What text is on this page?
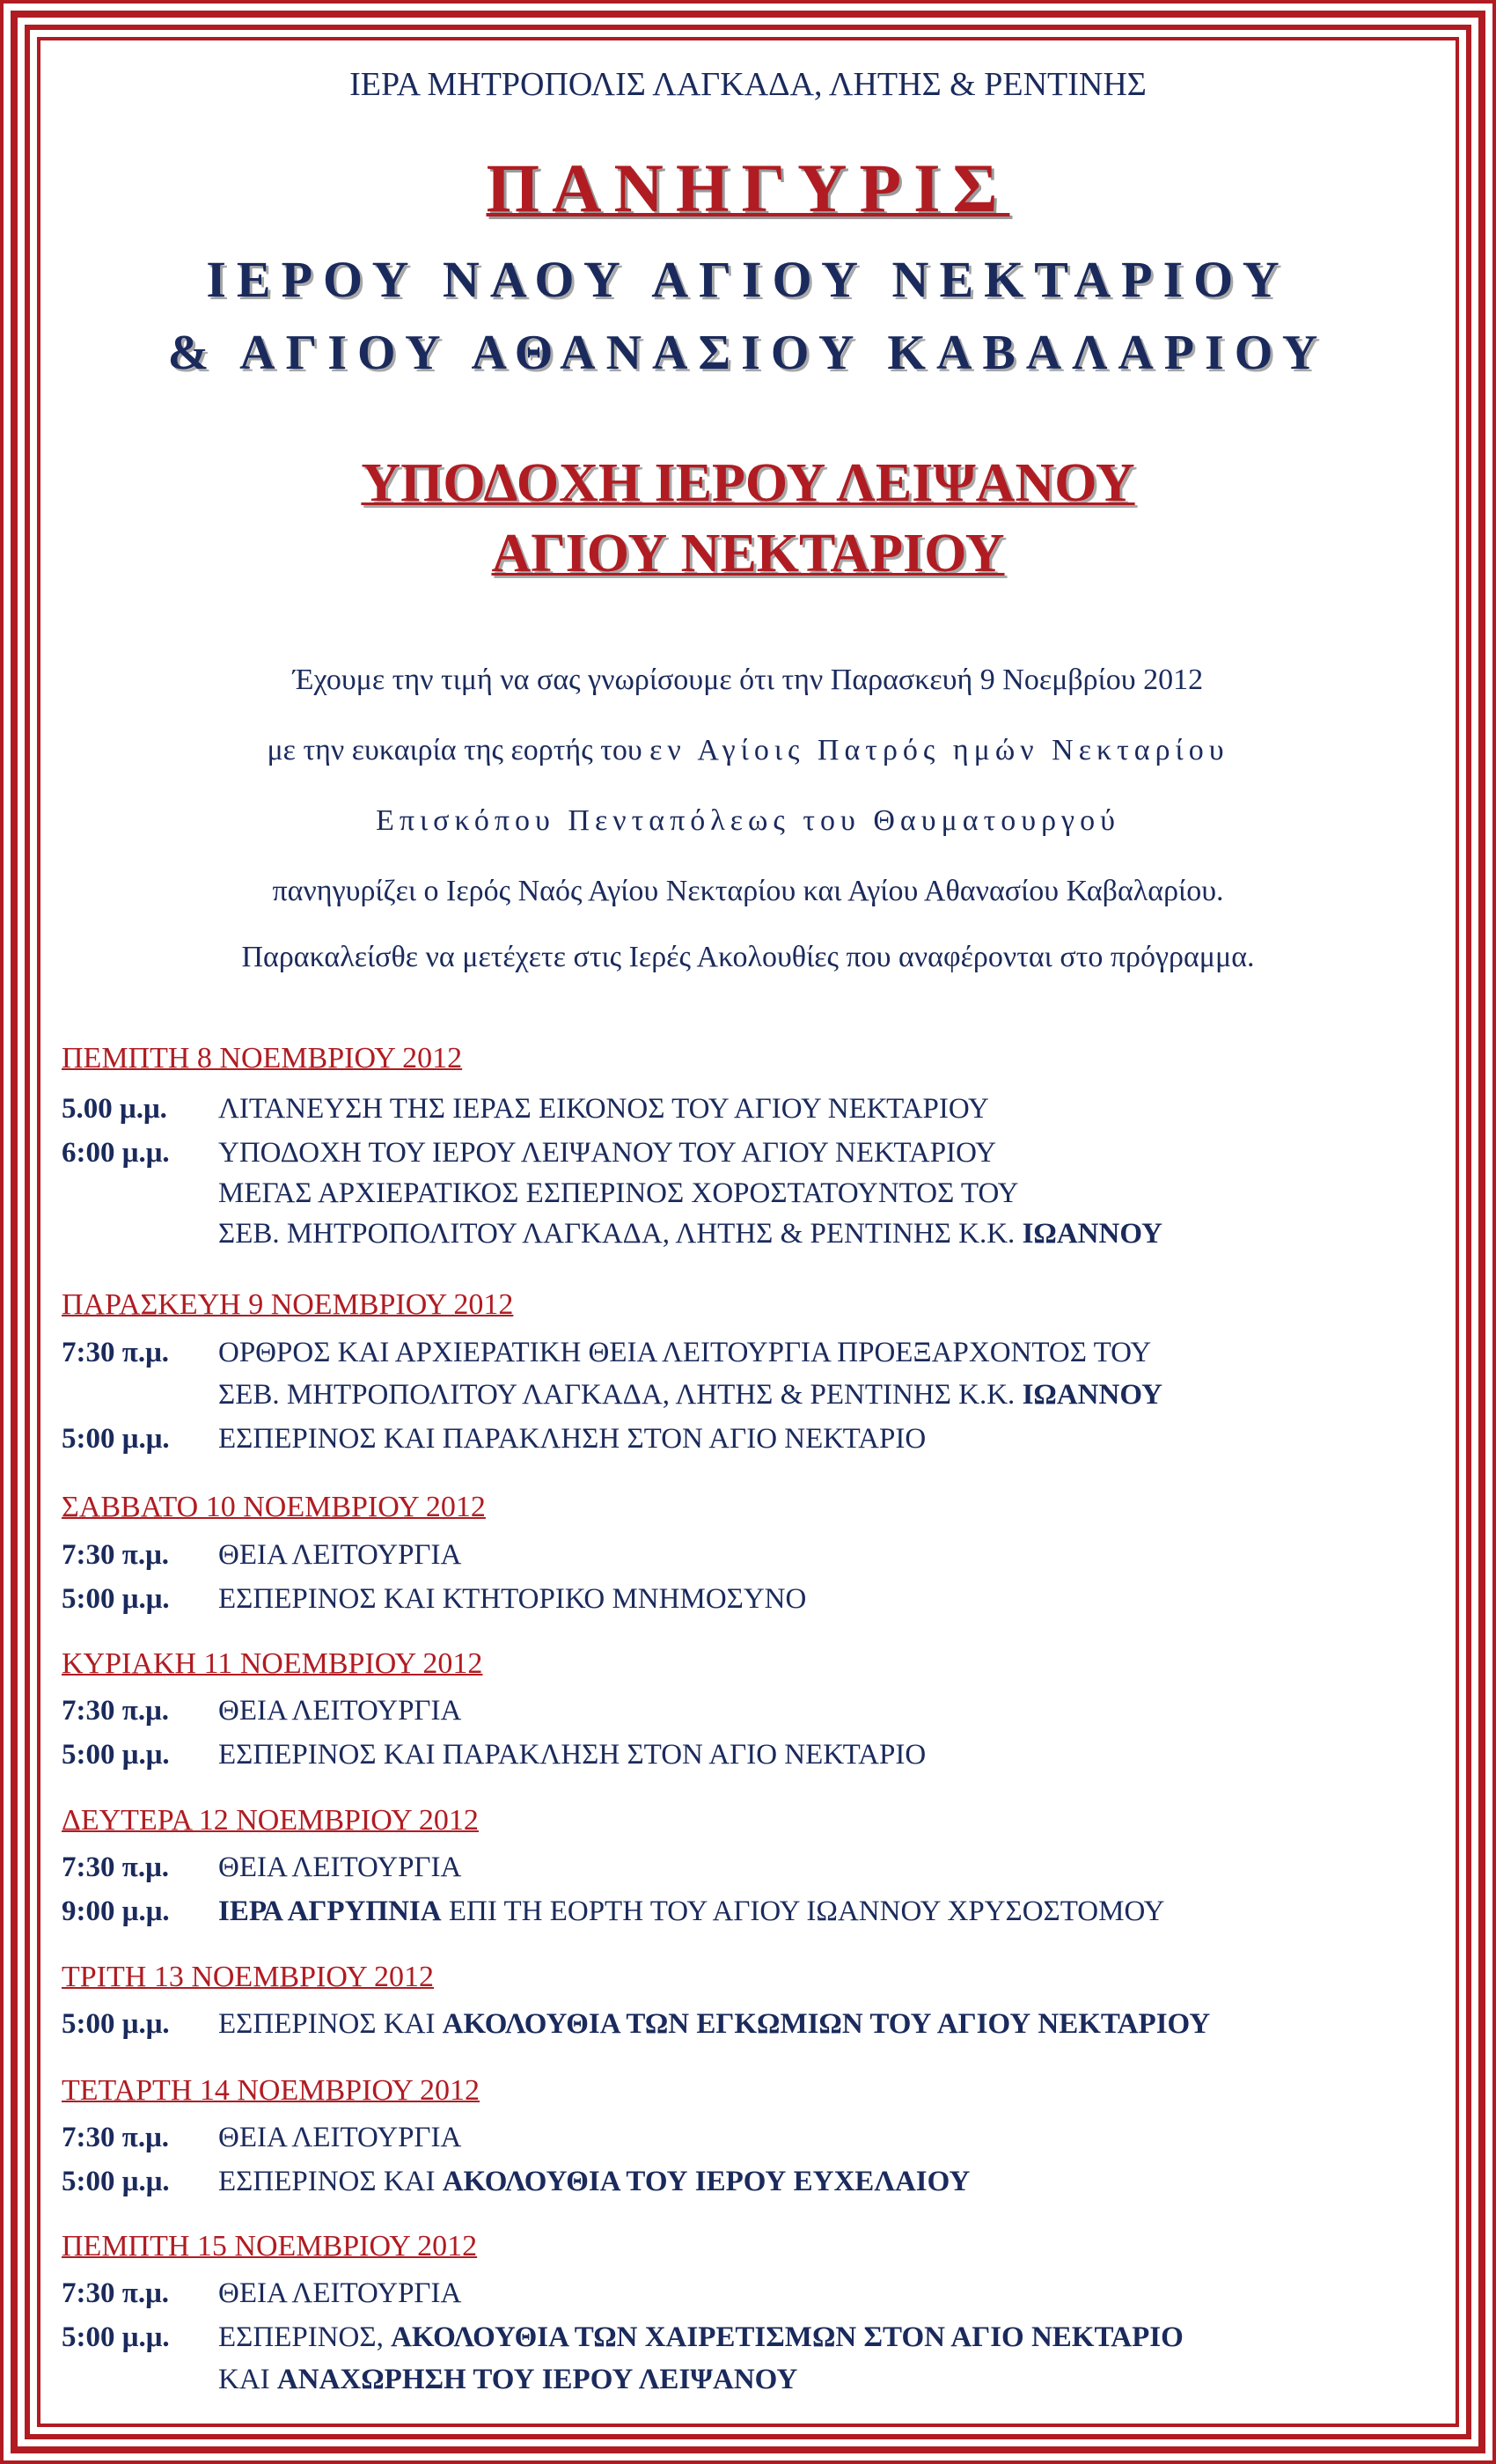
ΙΕΡΑ ΜΗΤΡΟΠΟΛΙΣ ΛΑΓΚΑΔΑ, ΛΗΤΗΣ & ΡΕΝΤΙΝΗΣ
ΠΑΝΗΓΥΡΙΣ
ΙΕΡΟΥ ΝΑΟΥ ΑΓΙΟΥ ΝΕΚΤΑΡΙΟΥ
& ΑΓΙΟΥ ΑΘΑΝΑΣΙΟΥ ΚΑΒΑΛΑΡΙΟΥ
ΥΠΟΔΟΧΗ ΙΕΡΟΥ ΛΕΙΨΑΝΟΥ
ΑΓΙΟΥ ΝΕΚΤΑΡΙΟΥ
Έχουμε την τιμή να σας γνωρίσουμε ότι την Παρασκευή 9 Νοεμβρίου 2012
με την ευκαιρία της εορτής του εν Αγίοις Πατρός ημών Νεκταρίου
Επισκόπου Πενταπόλεως του Θαυματουργού
πανηγυρίζει ο Ιερός Ναός Αγίου Νεκταρίου και Αγίου Αθανασίου Καβαλαρίου.
Παρακαλείσθε να μετέχετε στις Ιερές Ακολουθίες που αναφέρονται στο πρόγραμμα.
ΠΕΜΠΤΗ 8 ΝΟΕΜΒΡΙΟΥ 2012
5.00 μ.μ. ΛΙΤΑΝΕΥΣΗ ΤΗΣ ΙΕΡΑΣ ΕΙΚΟΝΟΣ ΤΟΥ ΑΓΙΟΥ ΝΕΚΤΑΡΙΟΥ
6:00 μ.μ. ΥΠΟΔΟΧΗ ΤΟΥ ΙΕΡΟΥ ΛΕΙΨΑΝΟΥ ΤΟΥ ΑΓΙΟΥ ΝΕΚΤΑΡΙΟΥ
ΜΕΓΑΣ ΑΡΧΙΕΡΑΤΙΚΟΣ ΕΣΠΕΡΙΝΟΣ ΧΟΡΟΣΤΑΤΟΥΝΤΟΣ ΤΟΥ
ΣΕΒ. ΜΗΤΡΟΠΟΛΙΤΟΥ ΛΑΓΚΑΔΑ, ΛΗΤΗΣ & ΡΕΝΤΙΝΗΣ Κ.Κ. ΙΩΑΝΝΟΥ
ΠΑΡΑΣΚΕΥΗ 9 ΝΟΕΜΒΡΙΟΥ 2012
7:30 π.μ. ΟΡΘΡΟΣ ΚΑΙ ΑΡΧΙΕΡΑΤΙΚΗ ΘΕΙΑ ΛΕΙΤΟΥΡΓΙΑ ΠΡΟΕΞΑΡΧΟΝΤΟΣ ΤΟΥ
ΣΕΒ. ΜΗΤΡΟΠΟΛΙΤΟΥ ΛΑΓΚΑΔΑ, ΛΗΤΗΣ & ΡΕΝΤΙΝΗΣ Κ.Κ. ΙΩΑΝΝΟΥ
5:00 μ.μ. ΕΣΠΕΡΙΝΟΣ ΚΑΙ ΠΑΡΑΚΛΗΣΗ ΣΤΟΝ ΑΓΙΟ ΝΕΚΤΑΡΙΟ
ΣΑΒΒΑΤΟ 10 ΝΟΕΜΒΡΙΟΥ 2012
7:30 π.μ. ΘΕΙΑ ΛΕΙΤΟΥΡΓΙΑ
5:00 μ.μ. ΕΣΠΕΡΙΝΟΣ ΚΑΙ ΚΤΗΤΟΡΙΚΟ ΜΝΗΜΟΣΥΝΟ
ΚΥΡΙΑΚΗ 11 ΝΟΕΜΒΡΙΟΥ 2012
7:30 π.μ. ΘΕΙΑ ΛΕΙΤΟΥΡΓΙΑ
5:00 μ.μ. ΕΣΠΕΡΙΝΟΣ ΚΑΙ ΠΑΡΑΚΛΗΣΗ ΣΤΟΝ ΑΓΙΟ ΝΕΚΤΑΡΙΟ
ΔΕΥΤΕΡΑ 12 ΝΟΕΜΒΡΙΟΥ 2012
7:30 π.μ. ΘΕΙΑ ΛΕΙΤΟΥΡΓΙΑ
9:00 μ.μ. ΙΕΡΑ ΑΓΡΥΠΝΙΑ ΕΠΙ ΤΗ ΕΟΡΤΗ ΤΟΥ ΑΓΙΟΥ ΙΩΑΝΝΟΥ ΧΡΥΣΟΣΤΟΜΟΥ
ΤΡΙΤΗ 13 ΝΟΕΜΒΡΙΟΥ 2012
5:00 μ.μ. ΕΣΠΕΡΙΝΟΣ ΚΑΙ ΑΚΟΛΟΥΘΙΑ ΤΩΝ ΕΓΚΩΜΙΩΝ ΤΟΥ ΑΓΙΟΥ ΝΕΚΤΑΡΙΟΥ
ΤΕΤΑΡΤΗ 14 ΝΟΕΜΒΡΙΟΥ 2012
7:30 π.μ. ΘΕΙΑ ΛΕΙΤΟΥΡΓΙΑ
5:00 μ.μ. ΕΣΠΕΡΙΝΟΣ ΚΑΙ ΑΚΟΛΟΥΘΙΑ ΤΟΥ ΙΕΡΟΥ ΕΥΧΕΛΑΙΟΥ
ΠΕΜΠΤΗ 15 ΝΟΕΜΒΡΙΟΥ 2012
7:30 π.μ. ΘΕΙΑ ΛΕΙΤΟΥΡΓΙΑ
5:00 μ.μ. ΕΣΠΕΡΙΝΟΣ, ΑΚΟΛΟΥΘΙΑ ΤΩΝ ΧΑΙΡΕΤΙΣΜΩΝ ΣΤΟΝ ΑΓΙΟ ΝΕΚΤΑΡΙΟ
ΚΑΙ ΑΝΑΧΩΡΗΣΗ ΤΟΥ ΙΕΡΟΥ ΛΕΙΨΑΝΟΥ
